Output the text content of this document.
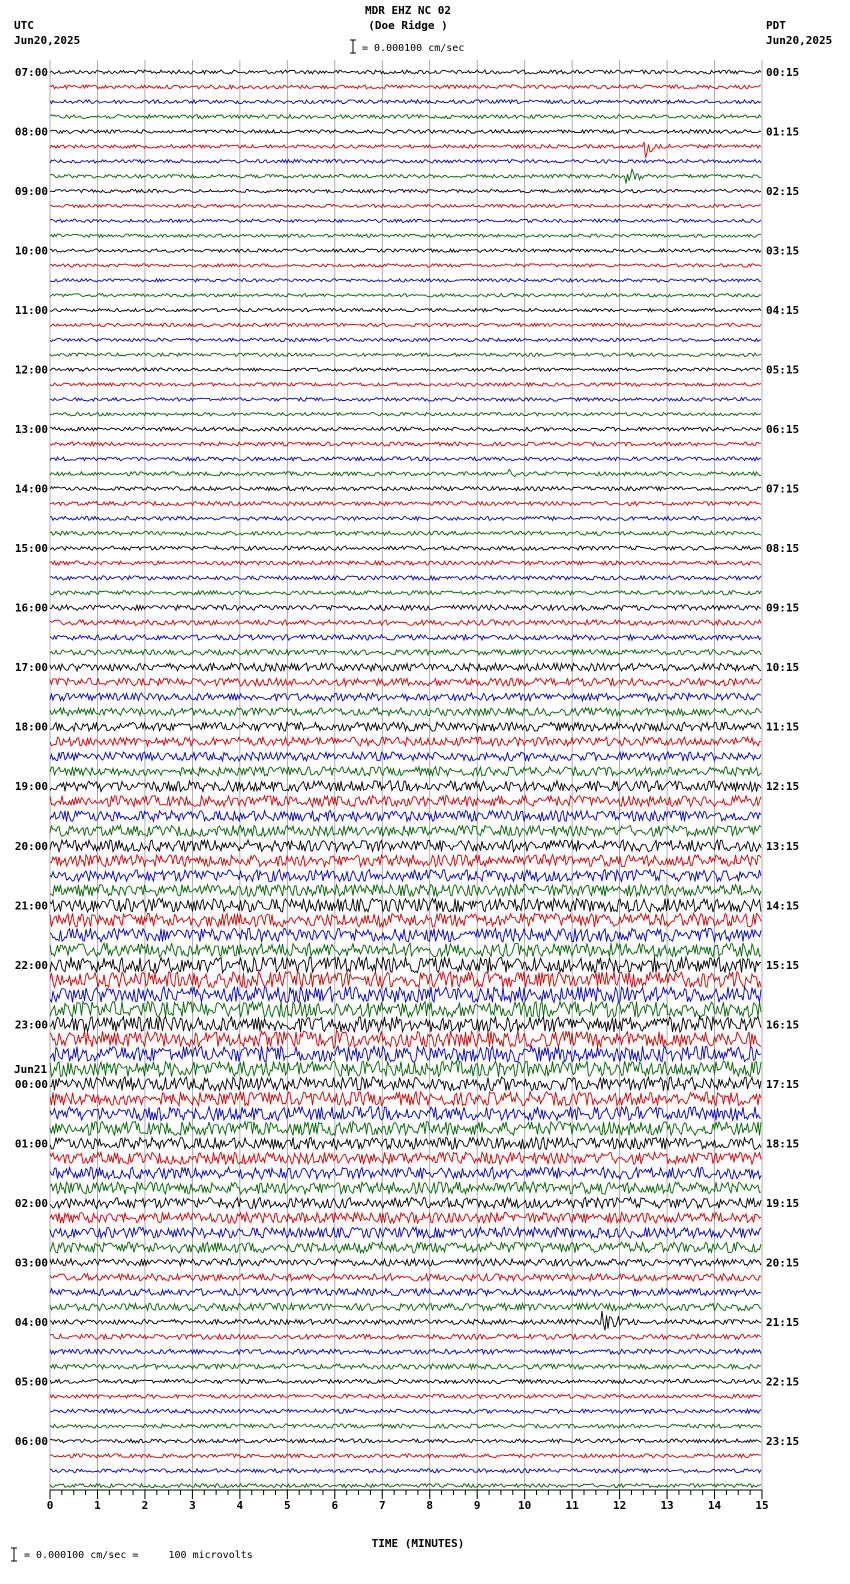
07:00
08:00
09:00
10:00
11:00
12:00
13:00
14:00
15:00
16:00
17:00
18:00
19:00
20:00
21:00
22:00
23:00
00:00
01:00
02:00
03:00
04:00
05:00
06:00
Jun21
00:15
01:15
02:15
03:15
04:15
05:15
06:15
07:15
08:15
09:15
10:15
11:15
12:15
13:15
14:15
15:15
16:15
17:15
18:15
19:15
20:15
21:15
22:15
23:15
0	1	2	3	4	5	6	7	8	9	10	11	12	13	14	15
TIME (MINUTES)
MDR EHZ NC 02
(Doe Ridge )
UTC
Jun20,2025
PDT
Jun20,2025
= 0.000100 cm/sec
= 0.000100 cm/sec =     100 microvolts
